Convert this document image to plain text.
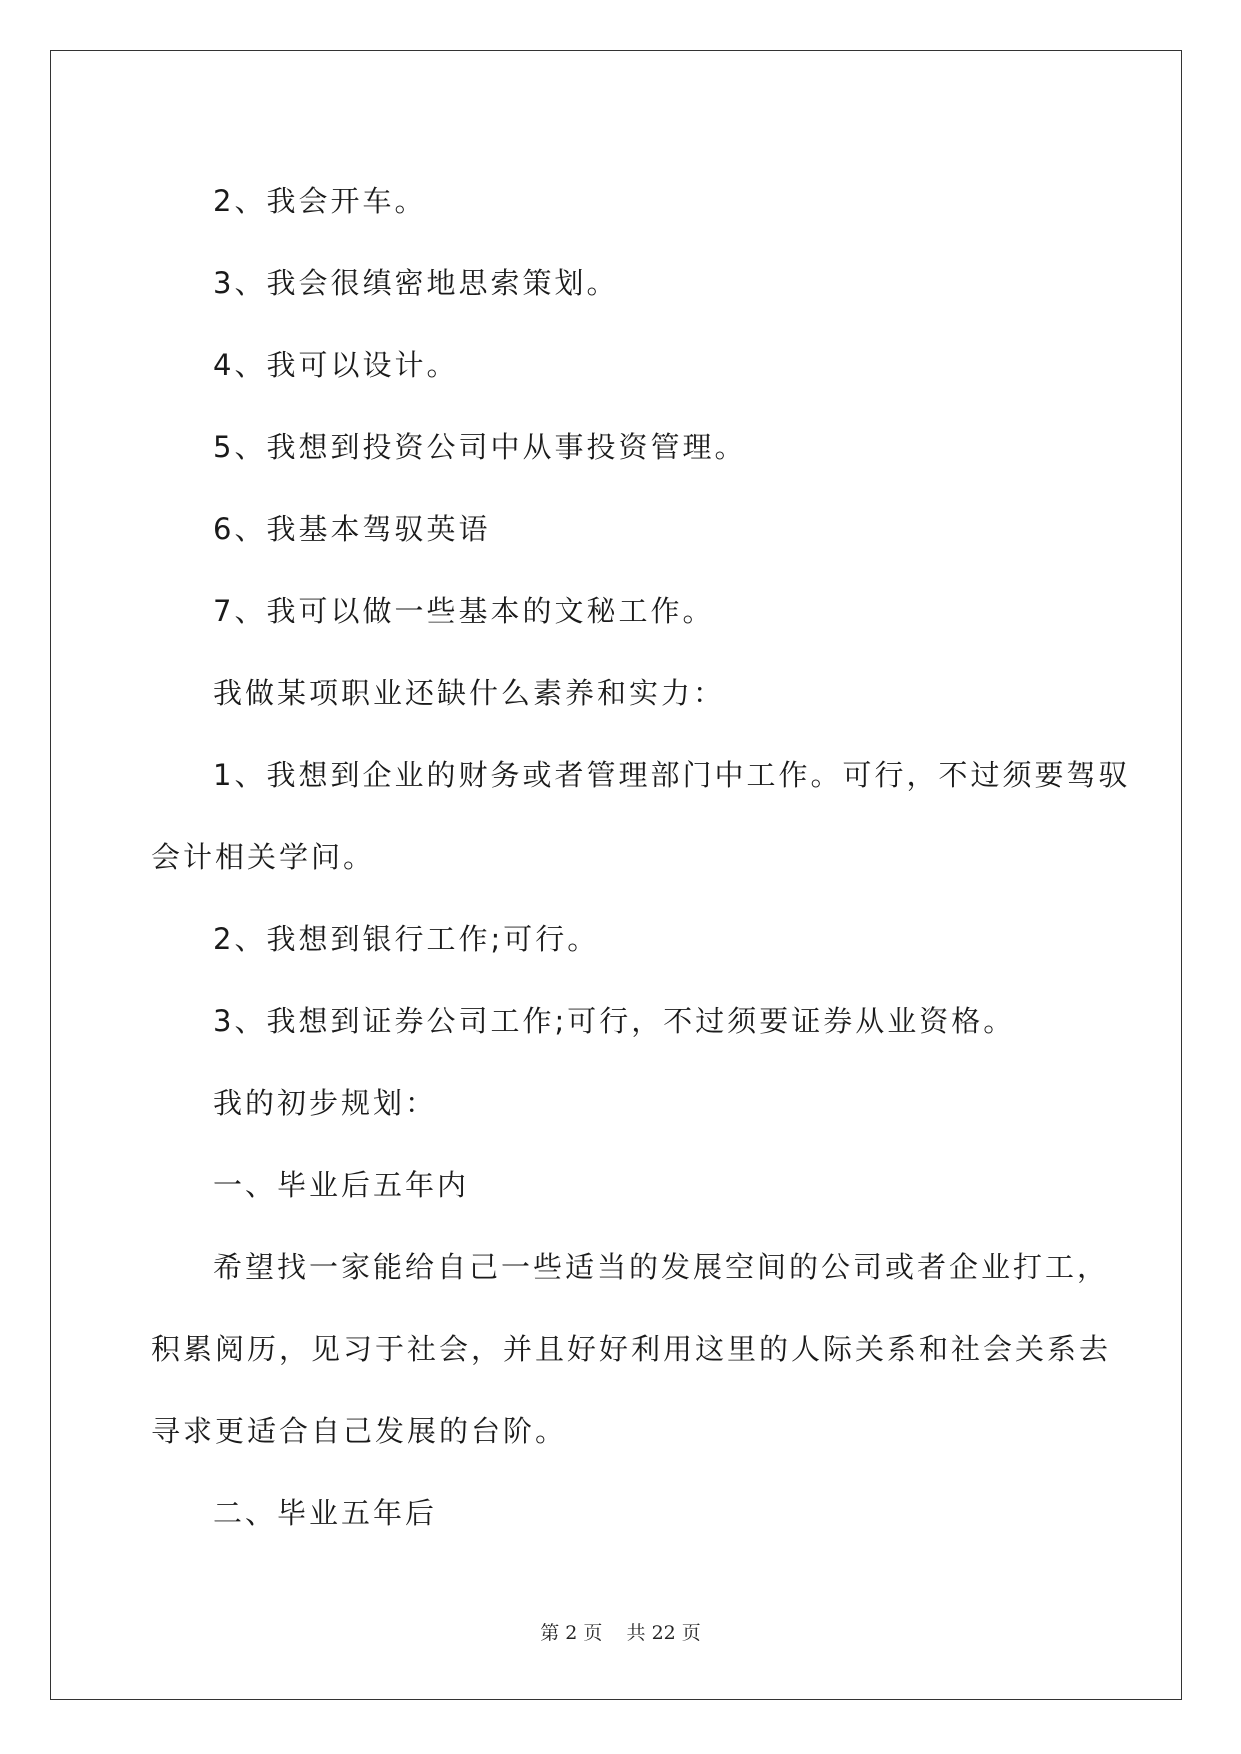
2、我会开车。

3、我会很缜密地思索策划。

4、我可以设计。

5、我想到投资公司中从事投资管理。

6、我基本驾驭英语

7、我可以做一些基本的文秘工作。

我做某项职业还缺什么素养和实力：

1、我想到企业的财务或者管理部门中工作。可行，不过须要驾驭

会计相关学问。

2、我想到银行工作;可行。

3、我想到证券公司工作;可行，不过须要证券从业资格。

我的初步规划：

一、毕业后五年内

希望找一家能给自己一些适当的发展空间的公司或者企业打工，

积累阅历，见习于社会，并且好好利用这里的人际关系和社会关系去

寻求更适合自己发展的台阶。

二、毕业五年后

第 2 页    共 22 页
